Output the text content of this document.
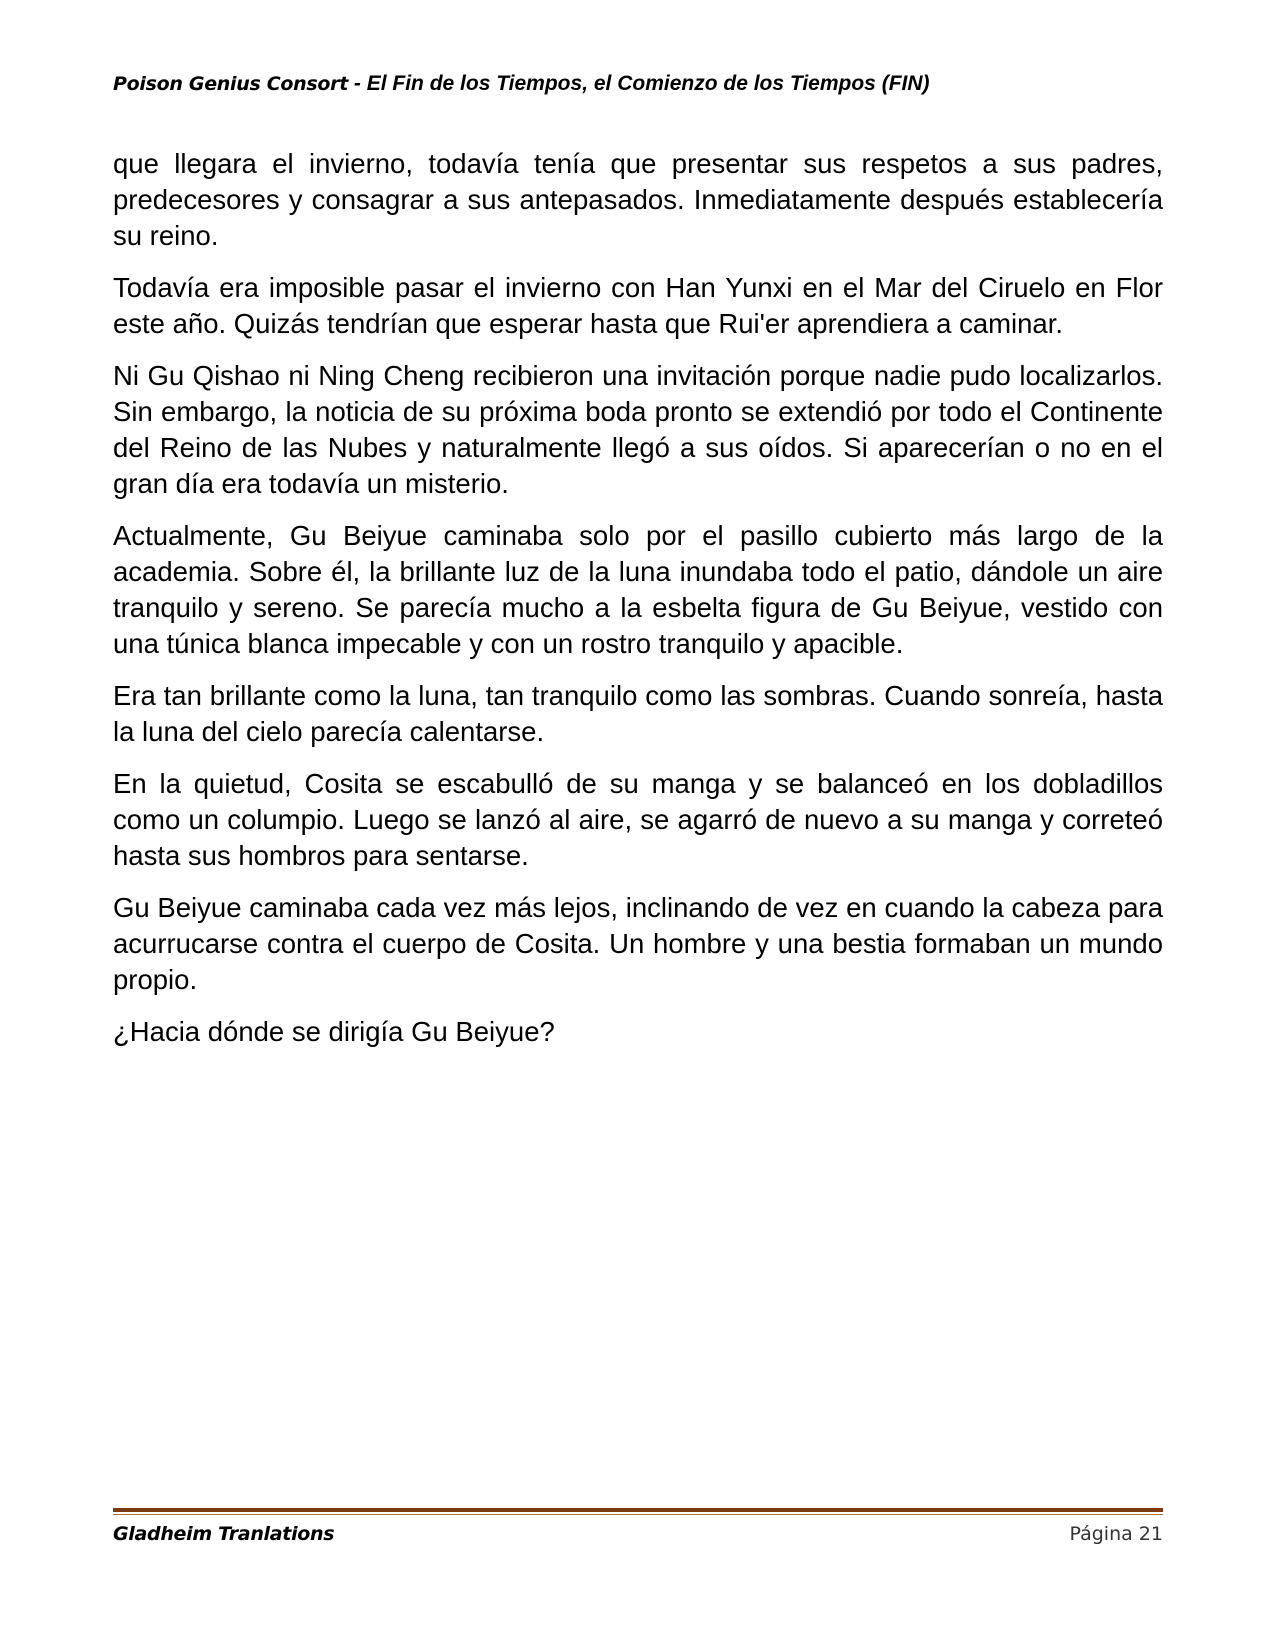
Poison Genius Consort - El Fin de los Tiempos, el Comienzo de los Tiempos (FIN)

que llegara el invierno, todavía tenía que presentar sus respetos a sus padres, predecesores y consagrar a sus antepasados. Inmediatamente después establecería su reino.

Todavía era imposible pasar el invierno con Han Yunxi en el Mar del Ciruelo en Flor este año. Quizás tendrían que esperar hasta que Rui'er aprendiera a caminar.

Ni Gu Qishao ni Ning Cheng recibieron una invitación porque nadie pudo localizarlos. Sin embargo, la noticia de su próxima boda pronto se extendió por todo el Continente del Reino de las Nubes y naturalmente llegó a sus oídos. Si aparecerían o no en el gran día era todavía un misterio.

Actualmente, Gu Beiyue caminaba solo por el pasillo cubierto más largo de la academia. Sobre él, la brillante luz de la luna inundaba todo el patio, dándole un aire tranquilo y sereno. Se parecía mucho a la esbelta figura de Gu Beiyue, vestido con una túnica blanca impecable y con un rostro tranquilo y apacible.

Era tan brillante como la luna, tan tranquilo como las sombras. Cuando sonreía, hasta la luna del cielo parecía calentarse.

En la quietud, Cosita se escabulló de su manga y se balanceó en los dobladillos como un columpio. Luego se lanzó al aire, se agarró de nuevo a su manga y correteó hasta sus hombros para sentarse.

Gu Beiyue caminaba cada vez más lejos, inclinando de vez en cuando la cabeza para acurrucarse contra el cuerpo de Cosita. Un hombre y una bestia formaban un mundo propio.

¿Hacia dónde se dirigía Gu Beiyue?

Gladheim Tranlations	Página 21
